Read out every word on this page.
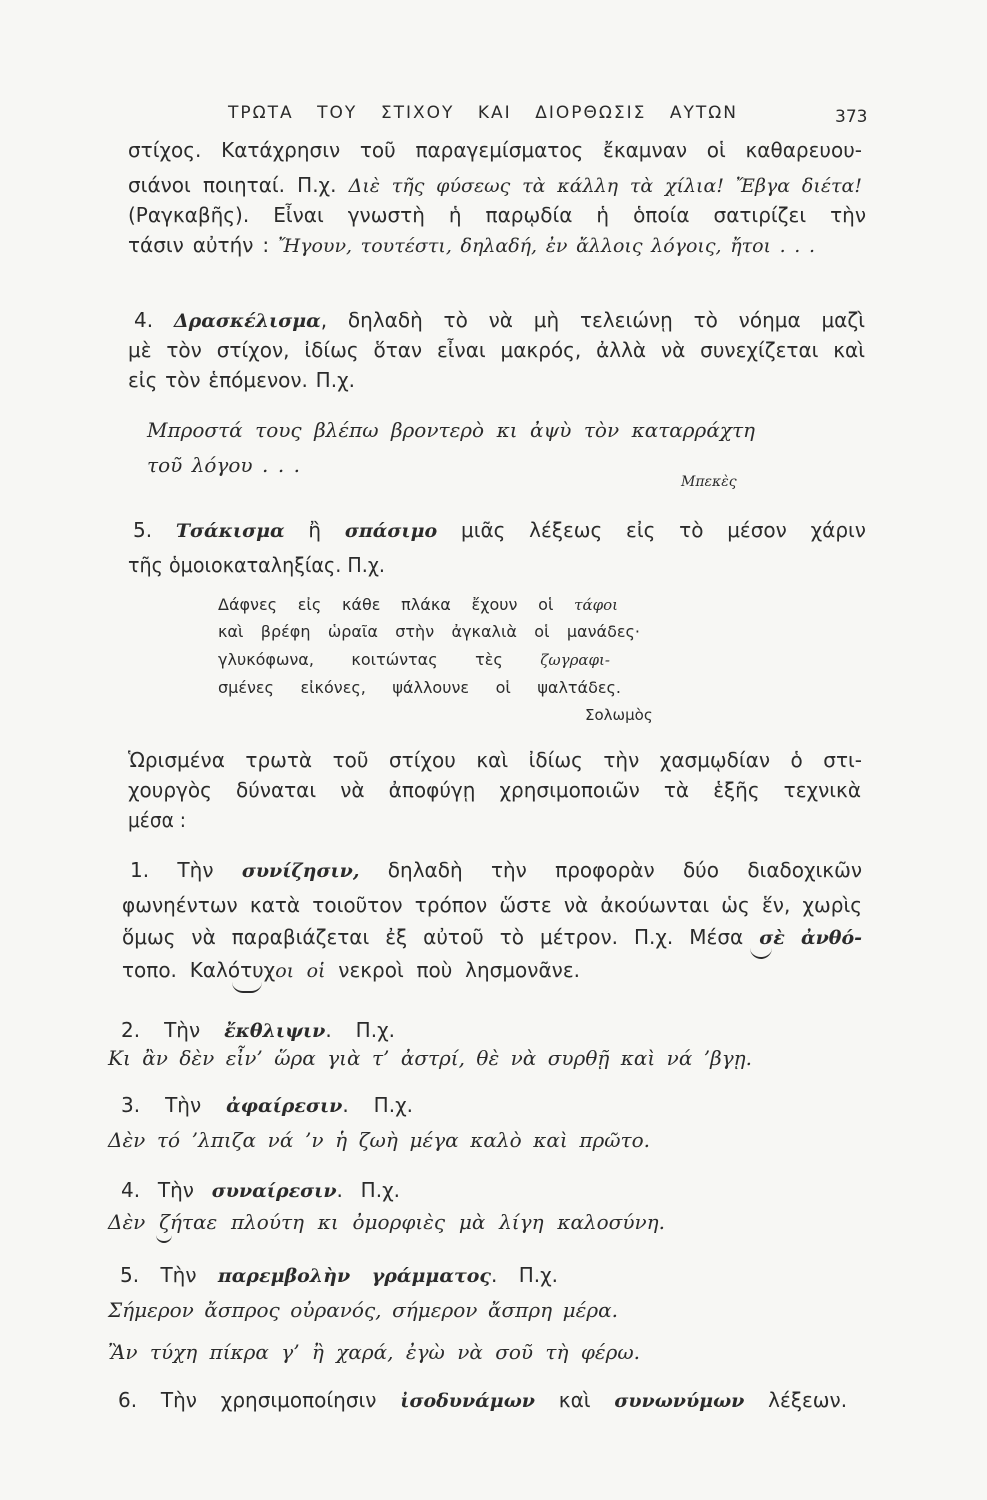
ΤΡΩΤΑ ΤΟΥ ΣΤΙΧΟΥ ΚΑΙ ΔΙΟΡΘΩΣΙΣ ΑΥΤΩΝ	373
στίχος. Κατάχρησιν τοῦ παραγεμίσματος ἔκαμναν οἱ καθαρευου-
σιάνοι ποιηταί. Π.χ. Διὲ τῆς φύσεως τὰ κάλλη τὰ χίλια! Ἔβγα διέτα!
(Ραγκαβῆς). Εἶναι γνωστὴ ἡ παρῳδία ἡ ὁποία σατιρίζει τὴν
τάσιν αὐτήν : Ἤγουν, τουτέστι, δηλαδή, ἐν ἄλλοις λόγοις, ἤτοι . . .
4. Δρασκέλισμα, δηλαδὴ τὸ νὰ μὴ τελειώνῃ τὸ νόημα μαζὶ
μὲ τὸν στίχον, ἰδίως ὅταν εἶναι μακρός, ἀλλὰ νὰ συνεχίζεται καὶ
εἰς τὸν ἑπόμενον. Π.χ.
Μπροστά τους βλέπω βροντερὸ κι ἀψὺ τὸν καταρράχτη
τοῦ λόγου . . .
Μπεκὲς
5. Τσάκισμα ἢ σπάσιμο μιᾶς λέξεως εἰς τὸ μέσον χάριν
τῆς ὁμοιοκαταληξίας. Π.χ.
Δάφνες εἰς κάθε πλάκα ἔχουν οἱ τάφοι
καὶ βρέφη ὡραῖα στὴν ἀγκαλιὰ οἱ μανάδες·
γλυκόφωνα, κοιτώντας τὲς	ζωγραφι-
σμένες εἰκόνες, ψάλλουνε οἱ ψαλτάδες.
Σολωμὸς
Ὡρισμένα τρωτὰ τοῦ στίχου καὶ ἰδίως τὴν χασμῳδίαν ὁ στι-
χουργὸς δύναται νὰ ἀποφύγῃ χρησιμοποιῶν τὰ ἑξῆς τεχνικὰ
μέσα :
1. Τὴν συνίζησιν, δηλαδὴ τὴν προφορὰν δύο διαδοχικῶν
φωνηέντων κατὰ τοιοῦτον τρόπον ὥστε νὰ ἀκούωνται ὡς ἕν, χωρὶς
ὅμως νὰ παραβιάζεται ἐξ αὐτοῦ τὸ μέτρον. Π.χ. Μέσα σὲ ἀνθό-
τοπο. Καλότυχοι οἱ νεκροὶ ποὺ λησμονᾶνε.
2. Τὴν ἔκθλιψιν. Π.χ.
Κι ἂν δὲν εἶν’ ὥρα γιὰ τ’ ἀστρί, θὲ νὰ συρθῇ καὶ νά ’βγῃ.
3. Τὴν ἀφαίρεσιν. Π.χ.
Δὲν τό ’λπιζα νά ’ν ἡ ζωὴ μέγα καλὸ καὶ πρῶτο.
4. Τὴν συναίρεσιν. Π.χ.
Δὲν ζήταε πλούτη κι ὀμορφιὲς μὰ λίγη καλοσύνη.
5. Τὴν παρεμβολὴν γράμματος. Π.χ.
Σήμερον ἄσπρος οὐρανός, σήμερον ἄσπρη μέρα.
Ἂν τύχη πίκρα γ’ ἢ χαρά, ἐγὼ νὰ σοῦ τὴ φέρω.
6. Τὴν χρησιμοποίησιν ἰσοδυνάμων καὶ συνωνύμων λέξεων.
